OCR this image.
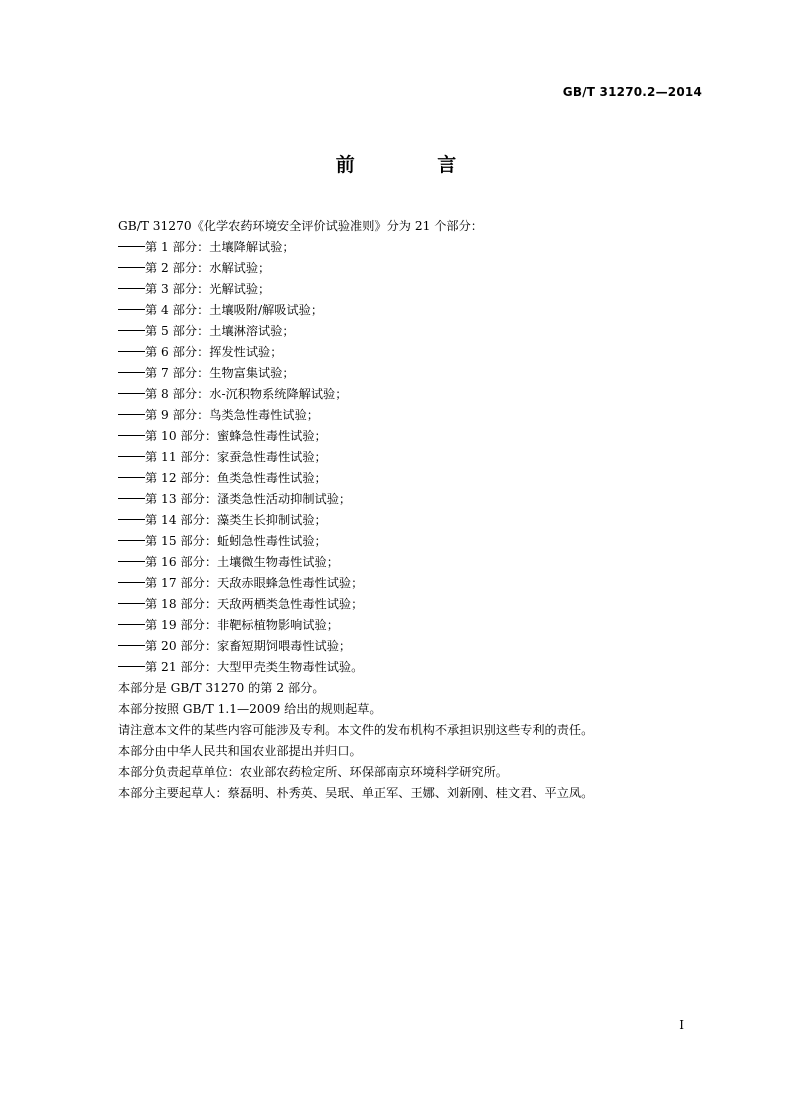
GB/T 31270.2—2014
前 言
GB/T 31270《化学农药环境安全评价试验准则》分为 21 个部分：
第 1 部分：土壤降解试验；
第 2 部分：水解试验；
第 3 部分：光解试验；
第 4 部分：土壤吸附/解吸试验；
第 5 部分：土壤淋溶试验；
第 6 部分：挥发性试验；
第 7 部分：生物富集试验；
第 8 部分：水-沉积物系统降解试验；
第 9 部分：鸟类急性毒性试验；
第 10 部分：蜜蜂急性毒性试验；
第 11 部分：家蚕急性毒性试验；
第 12 部分：鱼类急性毒性试验；
第 13 部分：溞类急性活动抑制试验；
第 14 部分：藻类生长抑制试验；
第 15 部分：蚯蚓急性毒性试验；
第 16 部分：土壤微生物毒性试验；
第 17 部分：天敌赤眼蜂急性毒性试验；
第 18 部分：天敌两栖类急性毒性试验；
第 19 部分：非靶标植物影响试验；
第 20 部分：家畜短期饲喂毒性试验；
第 21 部分：大型甲壳类生物毒性试验。
本部分是 GB/T 31270 的第 2 部分。
本部分按照 GB/T 1.1—2009 给出的规则起草。
请注意本文件的某些内容可能涉及专利。本文件的发布机构不承担识别这些专利的责任。
本部分由中华人民共和国农业部提出并归口。
本部分负责起草单位：农业部农药检定所、环保部南京环境科学研究所。
本部分主要起草人：蔡磊明、朴秀英、吴珉、单正军、王娜、刘新刚、桂文君、平立凤。
I
